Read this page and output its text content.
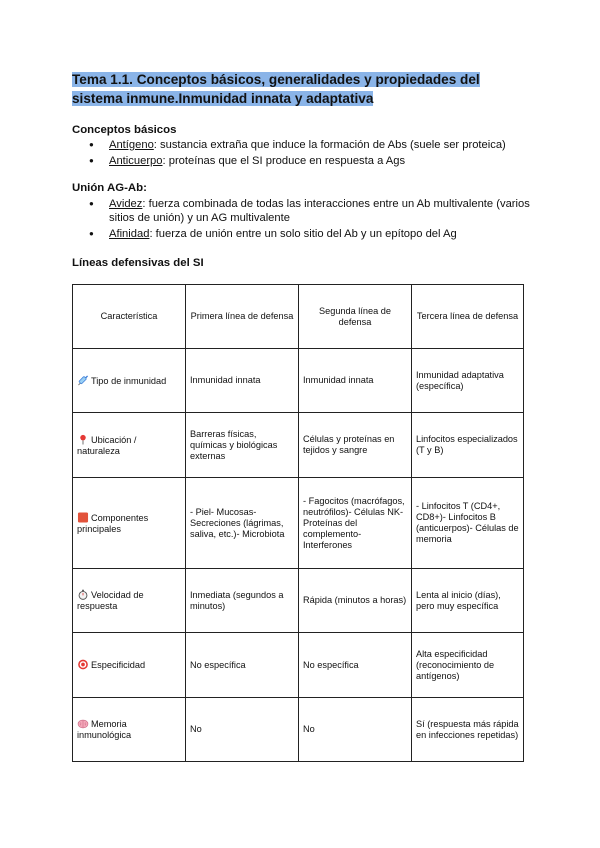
Tema 1.1. Conceptos básicos, generalidades y propiedades del sistema inmune.Inmunidad innata y adaptativa
Conceptos básicos
● Antígeno: sustancia extraña que induce la formación de Abs (suele ser proteica)
● Anticuerpo: proteínas que el SI produce en respuesta a Ags
Unión AG-Ab:
● Avidez: fuerza combinada de todas las interacciones entre un Ab multivalente (varios sitios de unión) y un AG multivalente
● Afinidad: fuerza de unión entre un solo sitio del Ab y un epítopo del Ag
Líneas defensivas del SI
Característica	Primera línea de defensa	Segunda línea de defensa	Tercera línea de defensa
Tipo de inmunidad	Inmunidad innata	Inmunidad innata	Inmunidad adaptativa (específica)
Ubicación / naturaleza	Barreras físicas, químicas y biológicas externas	Células y proteínas en tejidos y sangre	Linfocitos especializados (T y B)
Componentes principales	- Piel- Mucosas- Secreciones (lágrimas, saliva, etc.)- Microbiota	- Fagocitos (macrófagos, neutrófilos)- Células NK- Proteínas del complemento- Interferones	- Linfocitos T (CD4+, CD8+)- Linfocitos B (anticuerpos)- Células de memoria
Velocidad de respuesta	Inmediata (segundos a minutos)	Rápida (minutos a horas)	Lenta al inicio (días), pero muy específica
Especificidad	No específica	No específica	Alta especificidad (reconocimiento de antígenos)
Memoria inmunológica	No	No	Sí (respuesta más rápida en infecciones repetidas)
